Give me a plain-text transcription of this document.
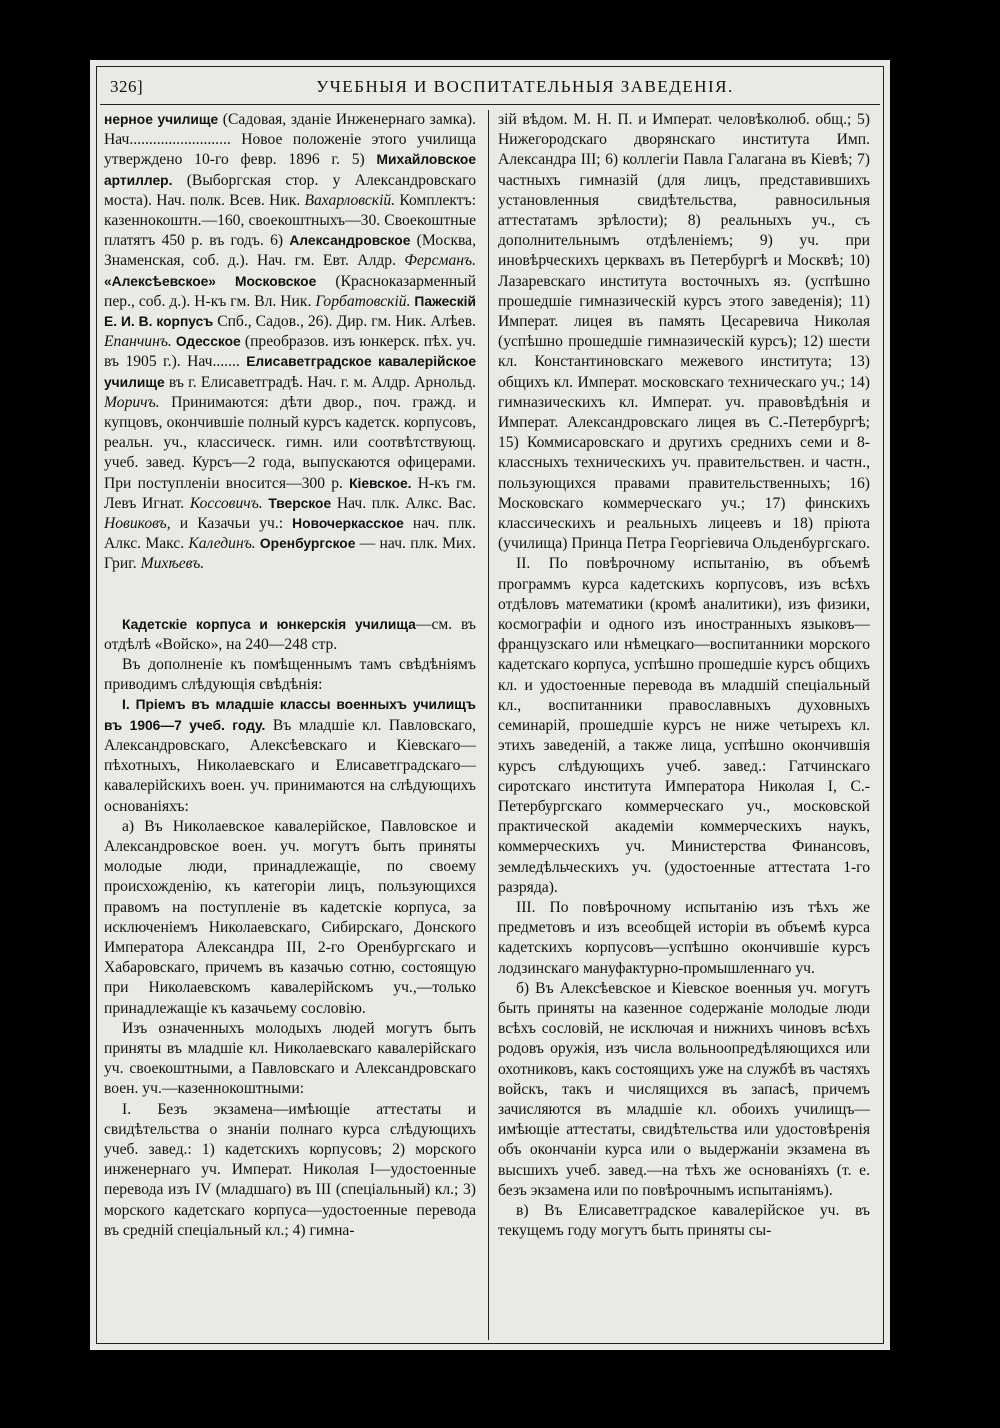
326]	УЧЕБНЫЯ И ВОСПИТАТЕЛЬНЫЯ ЗАВЕДЕНІЯ.

нерное училище (Садовая, зданіе Инженернаго замка). Нач.......................... Новое положеніе этого училища утверждено 10-го февр. 1896 г. 5) Михайловское артиллер. (Выборгская стор. у Александровскаго моста). Нач. полк. Всев. Ник. Вахарловскій. Комплектъ: казеннокоштн.—160, своекоштныхъ—30. Своекоштные платятъ 450 р. въ годъ. 6) Александровское (Москва, Знаменская, соб. д.). Нач. гм. Евт. Алдр. Ферсманъ. «Алексѣевское» Московское (Красноказарменный пер., соб. д.). Н-къ гм. Вл. Ник. Горбатовскій. Пажескій Е. И. В. корпусъ Спб., Садов., 26). Дир. гм. Ник. Алѣев. Епанчинъ. Одесское (преобразов. изъ юнкерск. пѣх. уч. въ 1905 г.). Нач....... Елисаветградское кавалерійское училище въ г. Елисаветградѣ. Нач. г. м. Алдр. Арнольд. Моричъ. Принимаются: дѣти двор., поч. гражд. и купцовъ, окончившіе полный курсъ кадетск. корпусовъ, реальн. уч., классическ. гимн. или соотвѣтствующ. учеб. завед. Курсъ—2 года, выпускаются офицерами. При поступленіи вносится—300 р. Кіевское. Н-къ гм. Левъ Игнат. Коссовичъ. Тверское Нач. плк. Алкс. Вас. Новиковъ, и Казачьи уч.: Новочеркасское нач. плк. Алкс. Макс. Калединъ. Оренбургское — нач. плк. Мих. Григ. Михѣевъ.

Кадетскіе корпуса и юнкерскія училища—см. въ отдѣлѣ «Войско», на 240—248 стр.

Въ дополненіе къ помѣщеннымъ тамъ свѣдѣніямъ приводимъ слѣдующія свѣдѣнія:

I. Пріемъ въ младшіе классы военныхъ училищъ въ 1906—7 учеб. году. Въ младшіе кл. Павловскаго, Александровскаго, Алексѣевскаго и Кіевскаго—пѣхотныхъ, Николаевскаго и Елисаветградскаго—кавалерійскихъ воен. уч. принимаются на слѣдующихъ основаніяхъ:

а) Въ Николаевское кавалерійское, Павловское и Александровское воен. уч. могутъ быть приняты молодые люди, принадлежащіе, по своему происхожденію, къ категоріи лицъ, пользующихся правомъ на поступленіе въ кадетскіе корпуса, за исключеніемъ Николаевскаго, Сибирскаго, Донского Императора Александра III, 2-го Оренбургскаго и Хабаровскаго, причемъ въ казачью сотню, состоящую при Николаевскомъ кавалерійскомъ уч.,—только принадлежащіе къ казачьему сословію.

Изъ означенныхъ молодыхъ людей могутъ быть приняты въ младшіе кл. Николаевскаго кавалерійскаго уч. своекоштными, а Павловскаго и Александровскаго воен. уч.—казеннокоштными:

I. Безъ экзамена—имѣющіе аттестаты и свидѣтельства о знаніи полнаго курса слѣдующихъ учеб. завед.: 1) кадетскихъ корпусовъ; 2) морского инженернаго уч. Императ. Николая I—удостоенные перевода изъ IV (младшаго) въ III (спеціальный) кл.; 3) морского кадетскаго корпуса—удостоенные перевода въ средній спеціальный кл.; 4) гимна-

зій вѣдом. М. Н. П. и Императ. человѣколюб. общ.; 5) Нижегородскаго дворянскаго института Имп. Александра III; 6) коллегіи Павла Галагана въ Кіевѣ; 7) частныхъ гимназій (для лицъ, представившихъ установленныя свидѣтельства, равносильныя аттестатамъ зрѣлости); 8) реальныхъ уч., съ дополнительнымъ отдѣленіемъ; 9) уч. при иновѣрческихъ церквахъ въ Петербургѣ и Москвѣ; 10) Лазаревскаго института восточныхъ яз. (успѣшно прошедшіе гимназическій курсъ этого заведенія); 11) Императ. лицея въ память Цесаревича Николая (успѣшно прошедшіе гимназическій курсъ); 12) шести кл. Константиновскаго межевого института; 13) общихъ кл. Императ. московскаго техническаго уч.; 14) гимназическихъ кл. Императ. уч. правовѣдѣнія и Императ. Александровскаго лицея въ С.-Петербургѣ; 15) Коммисаровскаго и другихъ среднихъ семи и 8-классныхъ техническихъ уч. правительствен. и частн., пользующихся правами правительственныхъ; 16) Московскаго коммерческаго уч.; 17) финскихъ классическихъ и реальныхъ лицеевъ и 18) пріюта (училища) Принца Петра Георгіевича Ольденбургскаго.

II. По повѣрочному испытанію, въ объемѣ программъ курса кадетскихъ корпусовъ, изъ всѣхъ отдѣловъ математики (кромѣ аналитики), изъ физики, космографіи и одного изъ иностранныхъ языковъ—французскаго или нѣмецкаго—воспитанники морского кадетскаго корпуса, успѣшно прошедшіе курсъ общихъ кл. и удостоенные перевода въ младшій спеціальный кл., воспитанники православныхъ духовныхъ семинарій, прошедшіе курсъ не ниже четырехъ кл. этихъ заведеній, а также лица, успѣшно окончившія курсъ слѣдующихъ учеб. завед.: Гатчинскаго сиротскаго института Императора Николая I, С.-Петербургскаго коммерческаго уч., московской практической академіи коммерческихъ наукъ, коммерческихъ уч. Министерства Финансовъ, земледѣльческихъ уч. (удостоенные аттестата 1-го разряда).

III. По повѣрочному испытанію изъ тѣхъ же предметовъ и изъ всеобщей исторіи въ объемѣ курса кадетскихъ корпусовъ—успѣшно окончившіе курсъ лодзинскаго мануфактурно-промышленнаго уч.

б) Въ Алексѣевское и Кіевское военныя уч. могутъ быть приняты на казенное содержаніе молодые люди всѣхъ сословій, не исключая и нижнихъ чиновъ всѣхъ родовъ оружія, изъ числа вольноопредѣляющихся или охотниковъ, какъ состоящихъ уже на службѣ въ частяхъ войскъ, такъ и числящихся въ запасѣ, причемъ зачисляются въ младшіе кл. обоихъ училищъ—имѣющіе аттестаты, свидѣтельства или удостовѣренія объ окончаніи курса или о выдержаніи экзамена въ высшихъ учеб. завед.—на тѣхъ же основаніяхъ (т. е. безъ экзамена или по повѣрочнымъ испытаніямъ).

в) Въ Елисаветградское кавалерійское уч. въ текущемъ году могутъ быть приняты сы-
